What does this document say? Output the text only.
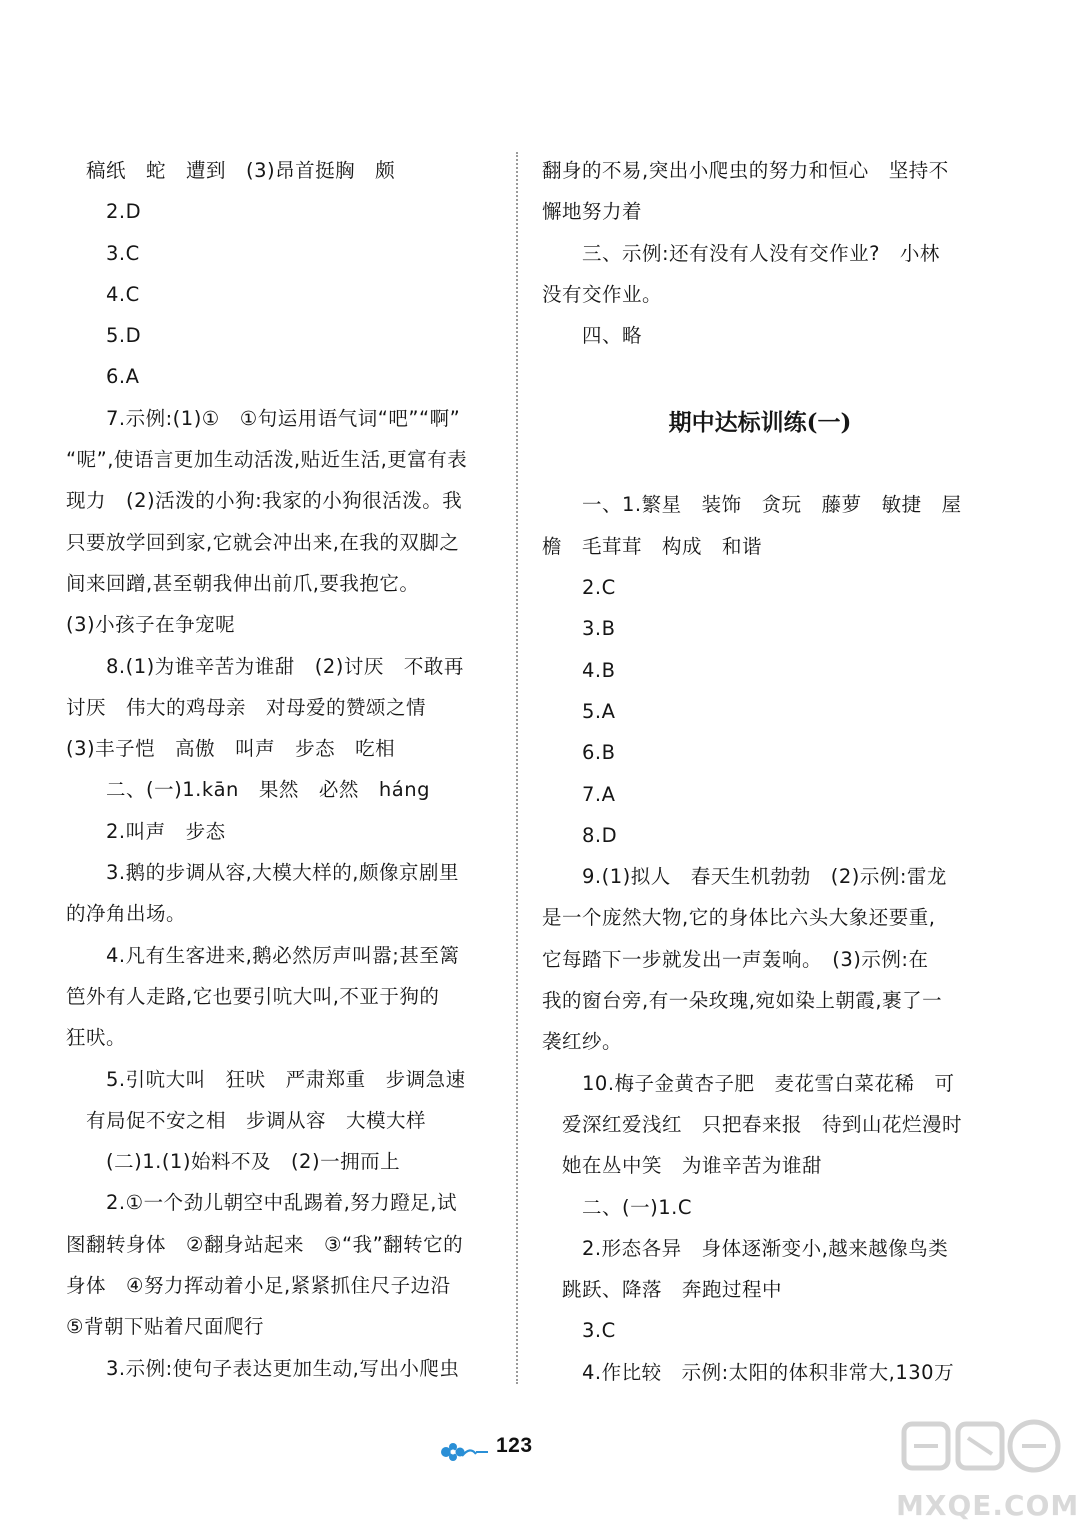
稿纸　蛇　遭到　(3)昂首挺胸　颇
2.D
3.C
4.C
5.D
6.A
7.示例:(1)①　①句运用语气词“吧”“啊”
“呢”,使语言更加生动活泼,贴近生活,更富有表
现力　(2)活泼的小狗:我家的小狗很活泼。我
只要放学回到家,它就会冲出来,在我的双脚之
间来回蹭,甚至朝我伸出前爪,要我抱它。
(3)小孩子在争宠呢
8.(1)为谁辛苦为谁甜　(2)讨厌　不敢再
讨厌　伟大的鸡母亲　对母爱的赞颂之情
(3)丰子恺　高傲　叫声　步态　吃相
二、(一)1.kān　果然　必然　háng
2.叫声　步态
3.鹅的步调从容,大模大样的,颇像京剧里
的净角出场。
4.凡有生客进来,鹅必然厉声叫嚣;甚至篱
笆外有人走路,它也要引吭大叫,不亚于狗的
狂吠。
5.引吭大叫　狂吠　严肃郑重　步调急速
有局促不安之相　步调从容　大模大样
(二)1.(1)始料不及　(2)一拥而上
2.①一个劲儿朝空中乱踢着,努力蹬足,试
图翻转身体　②翻身站起来　③“我”翻转它的
身体　④努力挥动着小足,紧紧抓住尺子边沿
⑤背朝下贴着尺面爬行
3.示例:使句子表达更加生动,写出小爬虫
翻身的不易,突出小爬虫的努力和恒心　坚持不
懈地努力着
三、示例:还有没有人没有交作业?　小林
没有交作业。
四、略
期中达标训练(一)
一、1.繁星　装饰　贪玩　藤萝　敏捷　屋
檐　毛茸茸　构成　和谐
2.C
3.B
4.B
5.A
6.B
7.A
8.D
9.(1)拟人　春天生机勃勃　(2)示例:雷龙
是一个庞然大物,它的身体比六头大象还要重,
它每踏下一步就发出一声轰响。　(3)示例:在
我的窗台旁,有一朵玫瑰,宛如染上朝霞,裹了一
袭红纱。
10.梅子金黄杏子肥　麦花雪白菜花稀　可
爱深红爱浅红　只把春来报　待到山花烂漫时
她在丛中笑　为谁辛苦为谁甜
二、(一)1.C
2.形态各异　身体逐渐变小,越来越像鸟类
跳跃、降落　奔跑过程中
3.C
4.作比较　示例:太阳的体积非常大,130万
123
MXQE.COM
